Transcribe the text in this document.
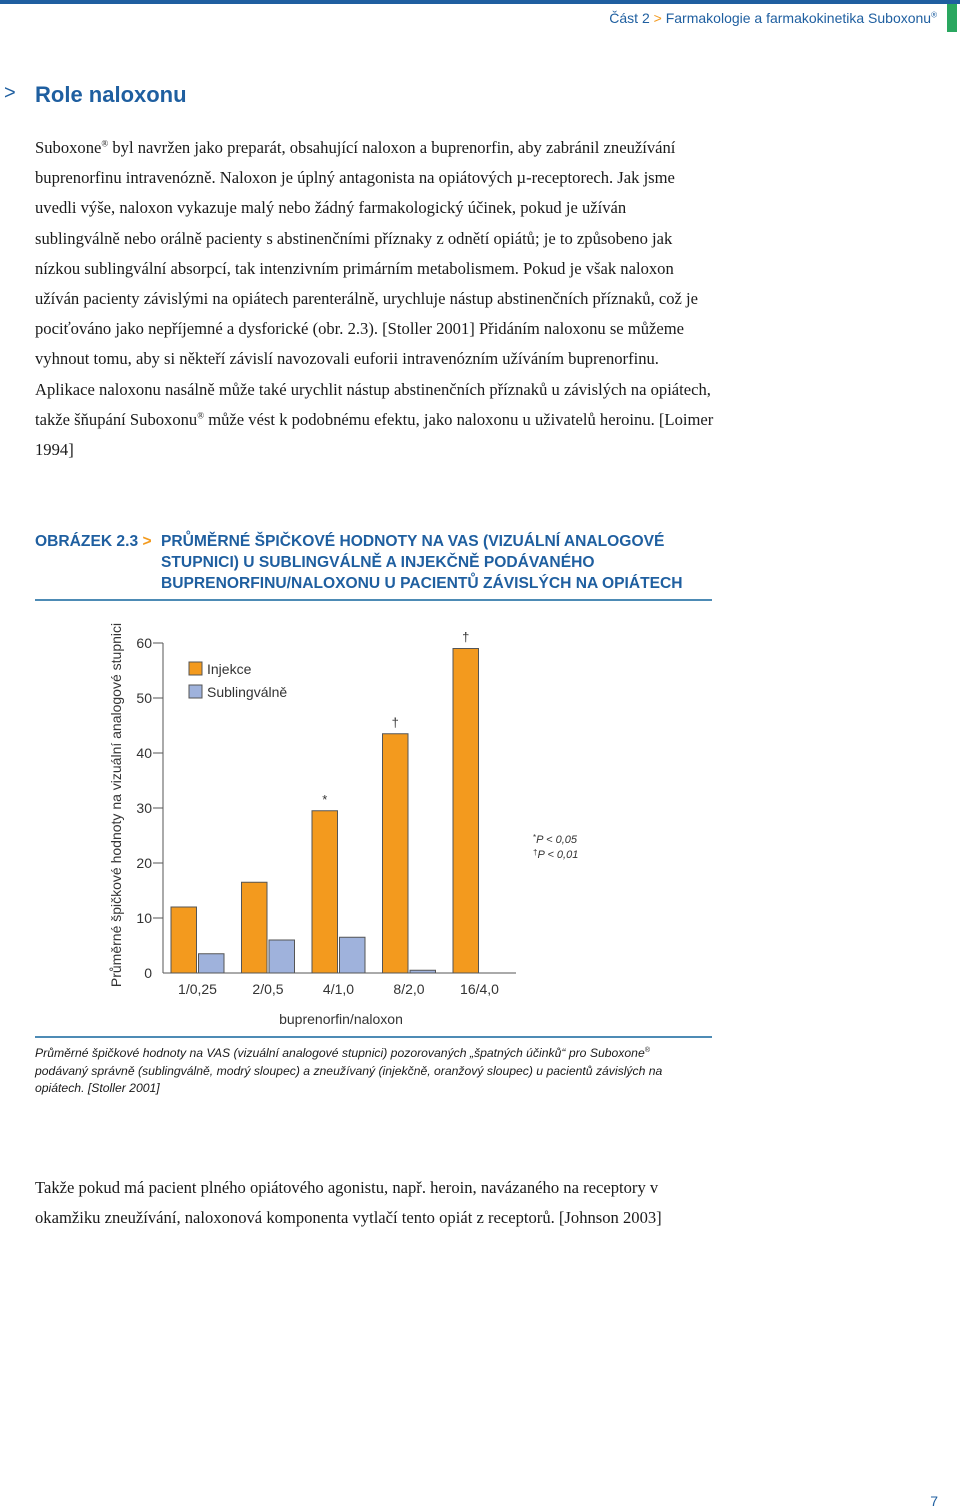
Část 2 > Farmakologie a farmakokinetika Suboxonu®
> Role naloxonu

Suboxone® byl navržen jako preparát, obsahující naloxon a buprenorfin, aby zabránil zneužívání buprenorfinu intravenózně. Naloxon je úplný antagonista na opiátových µ-receptorech. Jak jsme uvedli výše, naloxon vykazuje malý nebo žádný farmakologický účinek, pokud je užíván sublingválně nebo orálně pacienty s abstinenčními příznaky z odnětí opiátů; je to způsobeno jak nízkou sublingvální absorpcí, tak intenzivním primárním metabolismem. Pokud je však naloxon užíván pacienty závislými na opiátech parenterálně, urychluje nástup abstinenčních příznaků, což je pociťováno jako nepříjemné a dysforické (obr. 2.3). [Stoller 2001] Přidáním naloxonu se můžeme vyhnout tomu, aby si někteří závislí navozovali euforii intravenózním užíváním buprenorfinu. Aplikace naloxonu nasálně může také urychlit nástup abstinenčních příznaků u závislých na opiátech, takže šňupání Suboxonu® může vést k podobnému efektu, jako naloxonu u uživatelů heroinu. [Loimer 1994]

OBRÁZEK 2.3 > PRŮMĚRNÉ ŠPIČKOVÉ HODNOTY NA VAS (VIZUÁLNÍ ANALOGOVÉ STUPNICI) U SUBLINGVÁLNĚ A INJEKČNĚ PODÁVANÉHO BUPRENORFINU/NALOXONU U PACIENTŮ ZÁVISLÝCH NA OPIÁTECH
0
10
20
30
40
50
60
1/0,25	2/0,5
*
4/1,0
†
8/2,0
†
16/4,0
buprenorfin/naloxon
Průměrné špičkové hodnoty na vizuální analogové stupnici	Injekce
Sublingválně
*P < 0,05
†P < 0,01

Průměrné špičkové hodnoty na VAS (vizuální analogové stupnici) pozorovaných „špatných účinků“ pro Suboxone® podávaný správně (sublingválně, modrý sloupec) a zneužívaný (injekčně, oranžový sloupec) u pacientů závislých na opiátech. [Stoller 2001]

Takže pokud má pacient plného opiátového agonistu, např. heroin, navázaného na receptory v okamžiku zneužívání, naloxonová komponenta vytlačí tento opiát z receptorů. [Johnson 2003]

7
